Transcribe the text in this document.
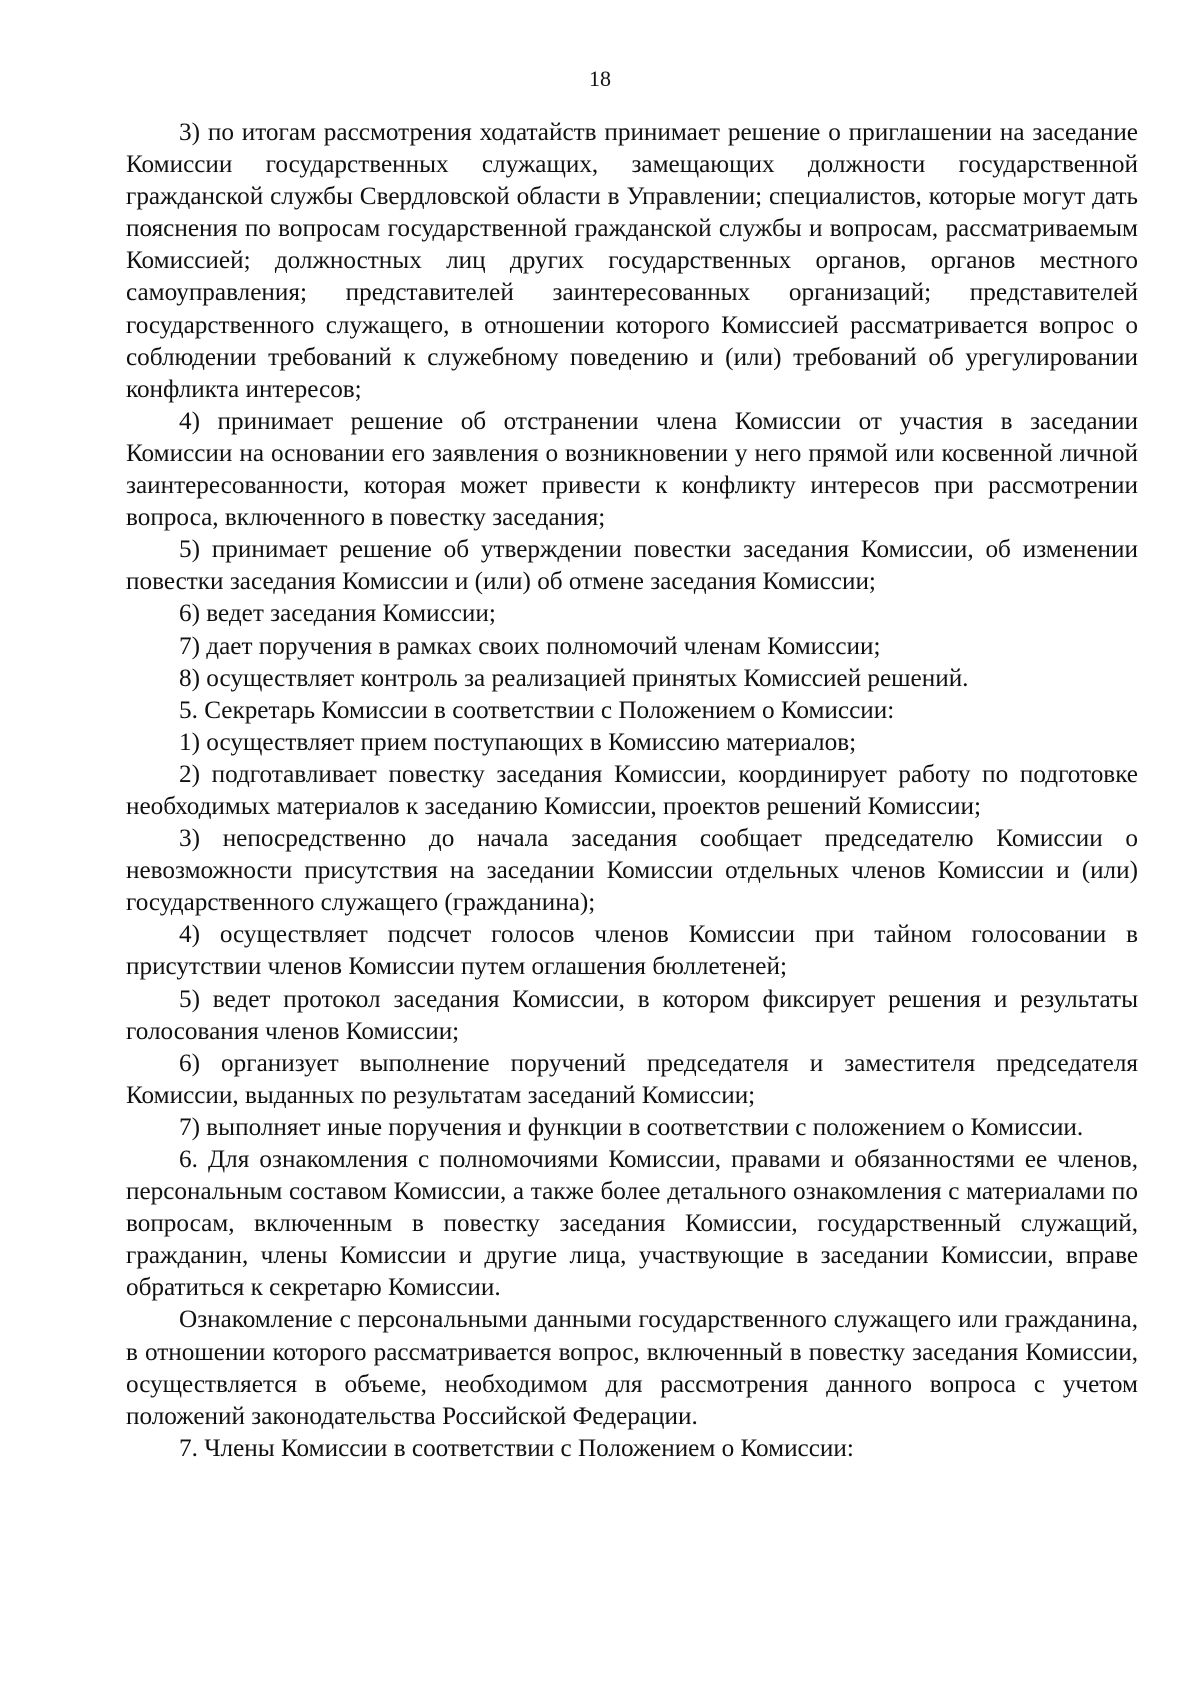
18

3) по итогам рассмотрения ходатайств принимает решение о приглашении на заседание Комиссии государственных служащих, замещающих должности государственной гражданской службы Свердловской области в Управлении; специалистов, которые могут дать пояснения по вопросам государственной гражданской службы и вопросам, рассматриваемым Комиссией; должностных лиц других государственных органов, органов местного самоуправления; представителей заинтересованных организаций; представителей государственного служащего, в отношении которого Комиссией рассматривается вопрос о соблюдении требований к служебному поведению и (или) требований об урегулировании конфликта интересов;

4) принимает решение об отстранении члена Комиссии от участия в заседании Комиссии на основании его заявления о возникновении у него прямой или косвенной личной заинтересованности, которая может привести к конфликту интересов при рассмотрении вопроса, включенного в повестку заседания;

5) принимает решение об утверждении повестки заседания Комиссии, об изменении повестки заседания Комиссии и (или) об отмене заседания Комиссии;

6) ведет заседания Комиссии;

7) дает поручения в рамках своих полномочий членам Комиссии;

8) осуществляет контроль за реализацией принятых Комиссией решений.

5. Секретарь Комиссии в соответствии с Положением о Комиссии:

1) осуществляет прием поступающих в Комиссию материалов;

2) подготавливает повестку заседания Комиссии, координирует работу по подготовке необходимых материалов к заседанию Комиссии, проектов решений Комиссии;

3) непосредственно до начала заседания сообщает председателю Комиссии о невозможности присутствия на заседании Комиссии отдельных членов Комиссии и (или) государственного служащего (гражданина);

4) осуществляет подсчет голосов членов Комиссии при тайном голосовании в присутствии членов Комиссии путем оглашения бюллетеней;

5) ведет протокол заседания Комиссии, в котором фиксирует решения и результаты голосования членов Комиссии;

6) организует выполнение поручений председателя и заместителя председателя Комиссии, выданных по результатам заседаний Комиссии;

7) выполняет иные поручения и функции в соответствии с положением о Комиссии.

6. Для ознакомления с полномочиями Комиссии, правами и обязанностями ее членов, персональным составом Комиссии, а также более детального ознакомления с материалами по вопросам, включенным в повестку заседания Комиссии, государственный служащий, гражданин, члены Комиссии и другие лица, участвующие в заседании Комиссии, вправе обратиться к секретарю Комиссии.

Ознакомление с персональными данными государственного служащего или гражданина, в отношении которого рассматривается вопрос, включенный в повестку заседания Комиссии, осуществляется в объеме, необходимом для рассмотрения данного вопроса с учетом положений законодательства Российской Федерации.

7. Члены Комиссии в соответствии с Положением о Комиссии:
